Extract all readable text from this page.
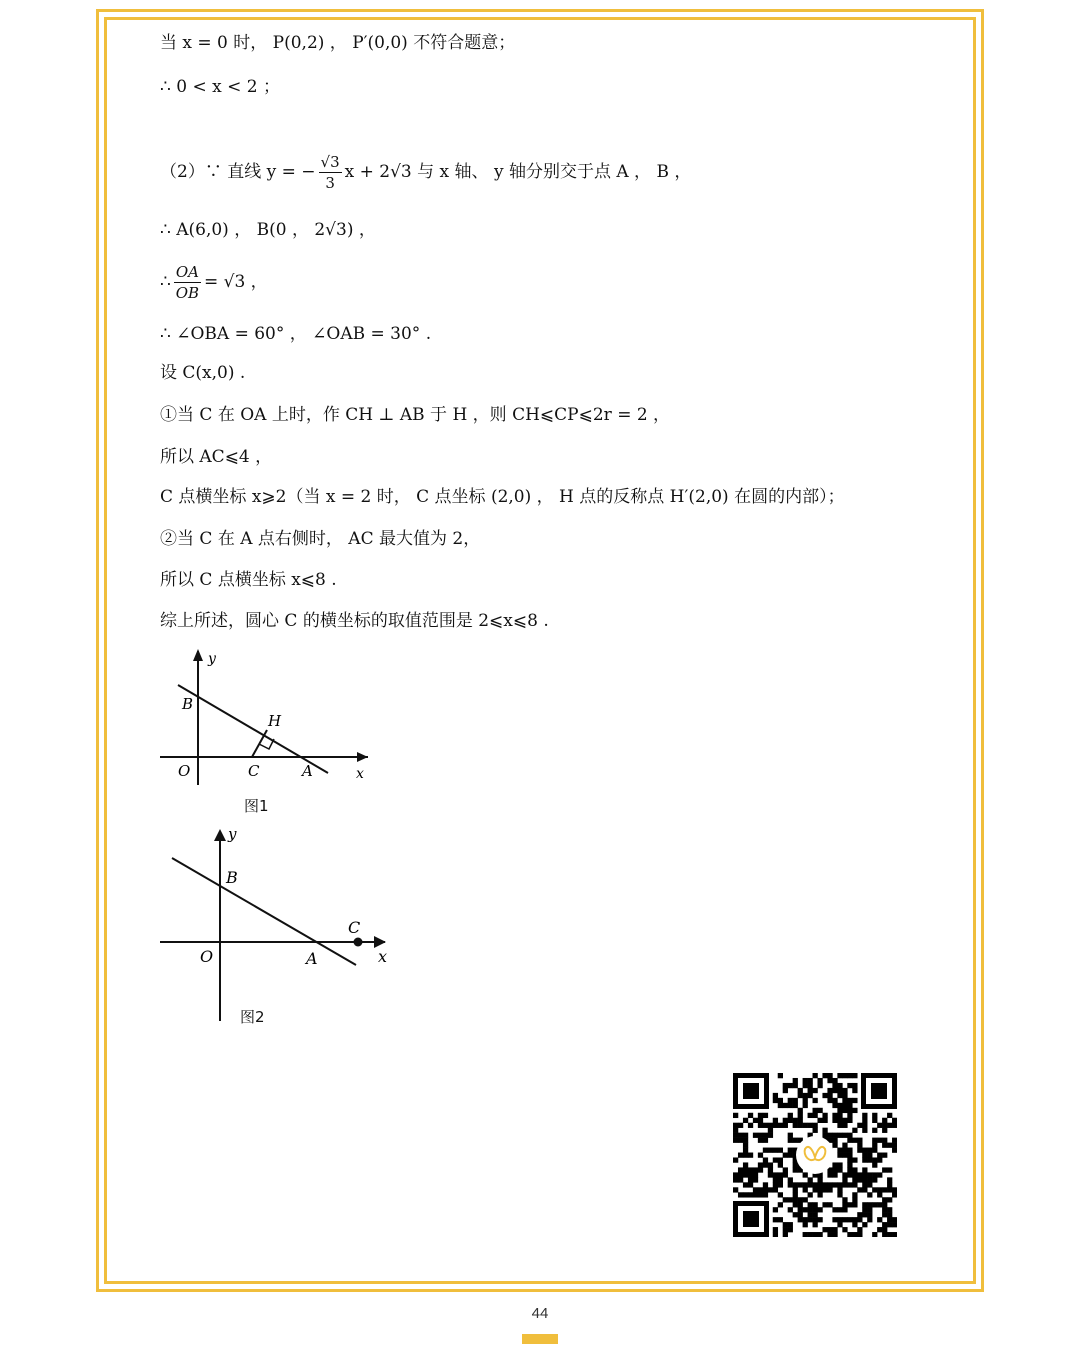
当 x = 0 时， P(0,2) ， P′(0,0) 不符合题意；
∴ 0 < x < 2 ；
（2）∵ 直线 y = − $\frac{√3}{3}$ x + 2√3 与 x 轴、 y 轴分别交于点 A ， B ，
∴ A(6,0) ， B(0 ， 2√3) ，
∴ $\frac{OA}{OB} = √3$ ，
∴ ∠OBA = 60° ， ∠OAB = 30° .
设 C(x,0) .
①当 C 在 OA 上时，作 CH ⊥ AB 于 H ，则 CH⩽CP⩽2r = 2 ，
所以 AC⩽4 ，
C 点横坐标 x⩾2（当 x = 2 时， C 点坐标 (2,0) ， H 点的反称点 H′(2,0) 在圆的内部）；
②当 C 在 A 点右侧时， AC 最大值为 2，
所以 C 点横坐标 x⩽8 .
综上所述，圆心 C 的横坐标的取值范围是 2⩽x⩽8 .
y
B
H
O	C	A	x
图1
y
B
C
O	A	x
图2
44
